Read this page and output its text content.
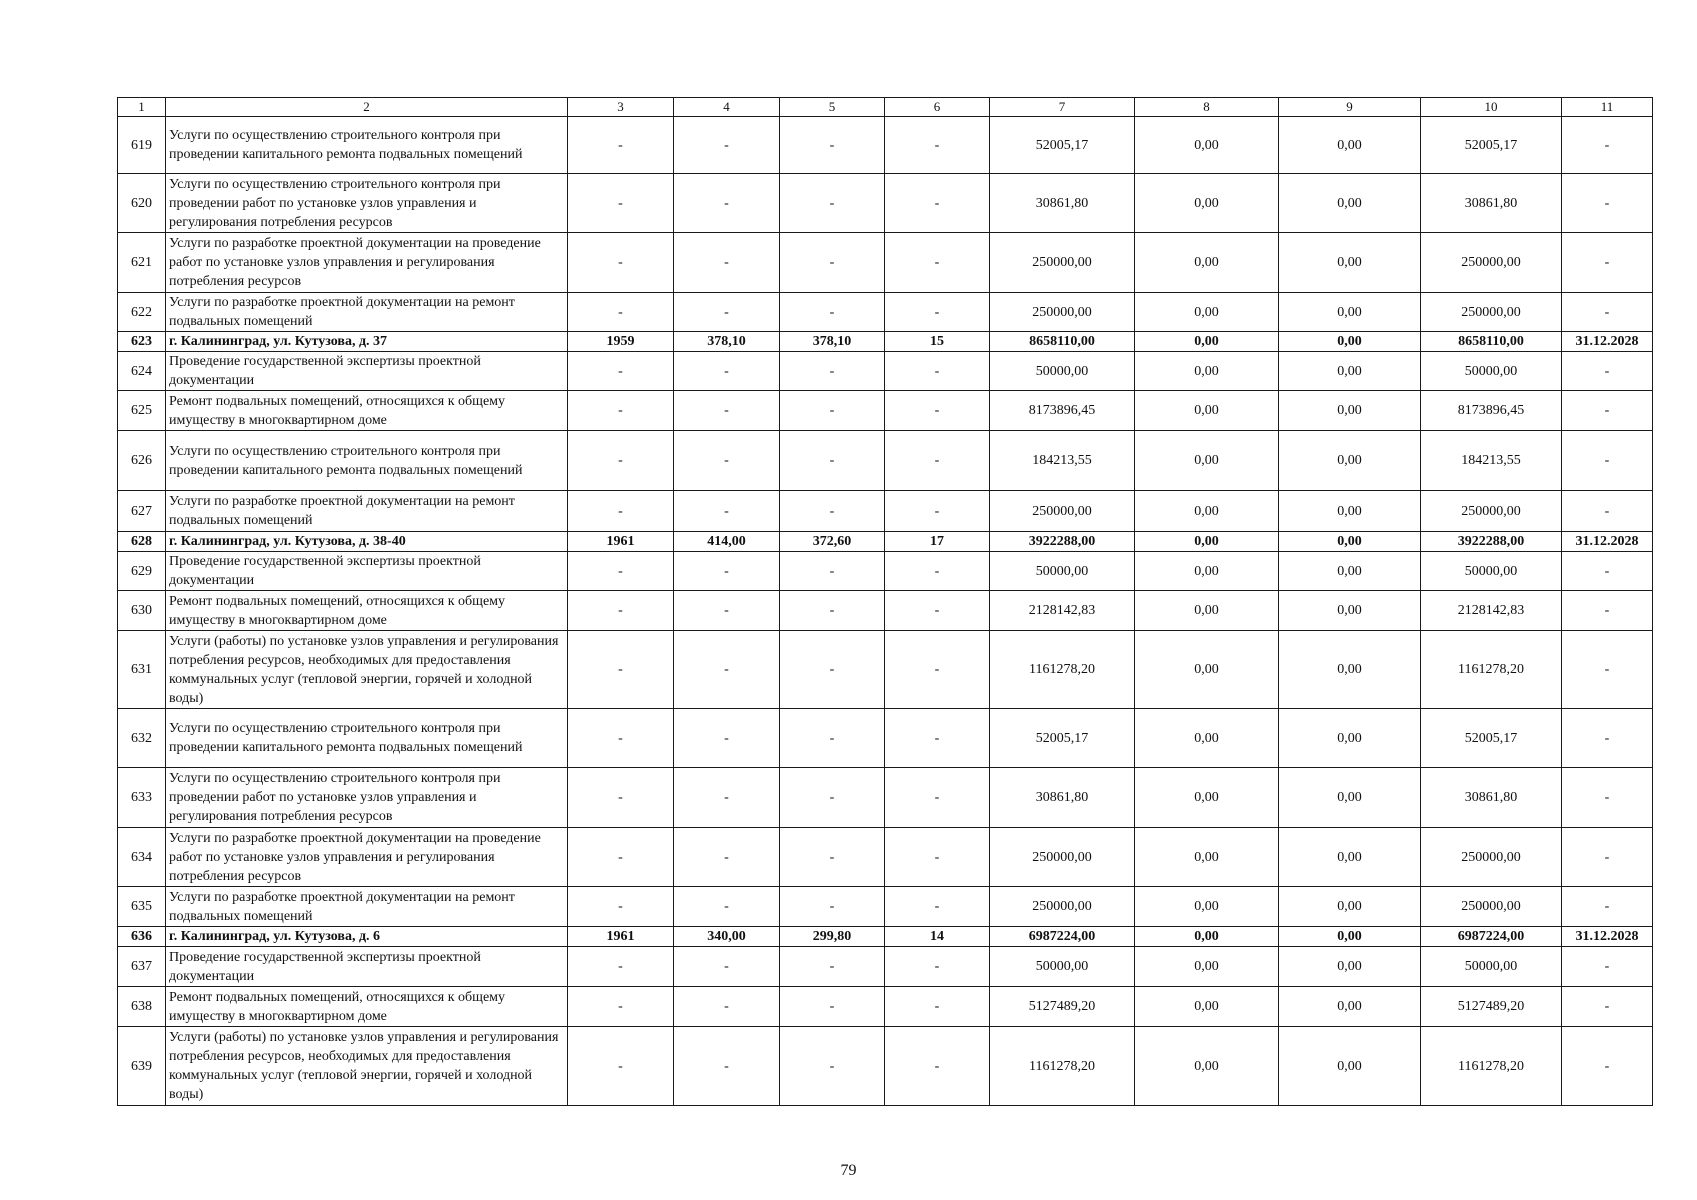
1	2	3	4	5	6	7	8	9	10	11
619	Услуги по осуществлению строительного контроля при проведении капитального ремонта подвальных помещений	-	-	-	-	52005,17	0,00	0,00	52005,17	-
620	Услуги по осуществлению строительного контроля при проведении работ по установке узлов управления и регулирования потребления ресурсов	-	-	-	-	30861,80	0,00	0,00	30861,80	-
621	Услуги по разработке проектной документации на проведение работ по установке узлов управления и регулирования потребления ресурсов	-	-	-	-	250000,00	0,00	0,00	250000,00	-
622	Услуги по разработке проектной документации на ремонт подвальных помещений	-	-	-	-	250000,00	0,00	0,00	250000,00	-
623	г. Калининград, ул. Кутузова, д. 37	1959	378,10	378,10	15	8658110,00	0,00	0,00	8658110,00	31.12.2028
624	Проведение государственной экспертизы проектной документации	-	-	-	-	50000,00	0,00	0,00	50000,00	-
625	Ремонт подвальных помещений, относящихся к общему имуществу в многоквартирном доме	-	-	-	-	8173896,45	0,00	0,00	8173896,45	-
626	Услуги по осуществлению строительного контроля при проведении капитального ремонта подвальных помещений	-	-	-	-	184213,55	0,00	0,00	184213,55	-
627	Услуги по разработке проектной документации на ремонт подвальных помещений	-	-	-	-	250000,00	0,00	0,00	250000,00	-
628	г. Калининград, ул. Кутузова, д. 38-40	1961	414,00	372,60	17	3922288,00	0,00	0,00	3922288,00	31.12.2028
629	Проведение государственной экспертизы проектной документации	-	-	-	-	50000,00	0,00	0,00	50000,00	-
630	Ремонт подвальных помещений, относящихся к общему имуществу в многоквартирном доме	-	-	-	-	2128142,83	0,00	0,00	2128142,83	-
631	Услуги (работы) по установке узлов управления и регулирования потребления ресурсов, необходимых для предоставления коммунальных услуг (тепловой энергии, горячей и холодной воды)	-	-	-	-	1161278,20	0,00	0,00	1161278,20	-
632	Услуги по осуществлению строительного контроля при проведении капитального ремонта подвальных помещений	-	-	-	-	52005,17	0,00	0,00	52005,17	-
633	Услуги по осуществлению строительного контроля при проведении работ по установке узлов управления и регулирования потребления ресурсов	-	-	-	-	30861,80	0,00	0,00	30861,80	-
634	Услуги по разработке проектной документации на проведение работ по установке узлов управления и регулирования потребления ресурсов	-	-	-	-	250000,00	0,00	0,00	250000,00	-
635	Услуги по разработке проектной документации на ремонт подвальных помещений	-	-	-	-	250000,00	0,00	0,00	250000,00	-
636	г. Калининград, ул. Кутузова, д. 6	1961	340,00	299,80	14	6987224,00	0,00	0,00	6987224,00	31.12.2028
637	Проведение государственной экспертизы проектной документации	-	-	-	-	50000,00	0,00	0,00	50000,00	-
638	Ремонт подвальных помещений, относящихся к общему имуществу в многоквартирном доме	-	-	-	-	5127489,20	0,00	0,00	5127489,20	-
639	Услуги (работы) по установке узлов управления и регулирования потребления ресурсов, необходимых для предоставления коммунальных услуг (тепловой энергии, горячей и холодной воды)	-	-	-	-	1161278,20	0,00	0,00	1161278,20	-
79
